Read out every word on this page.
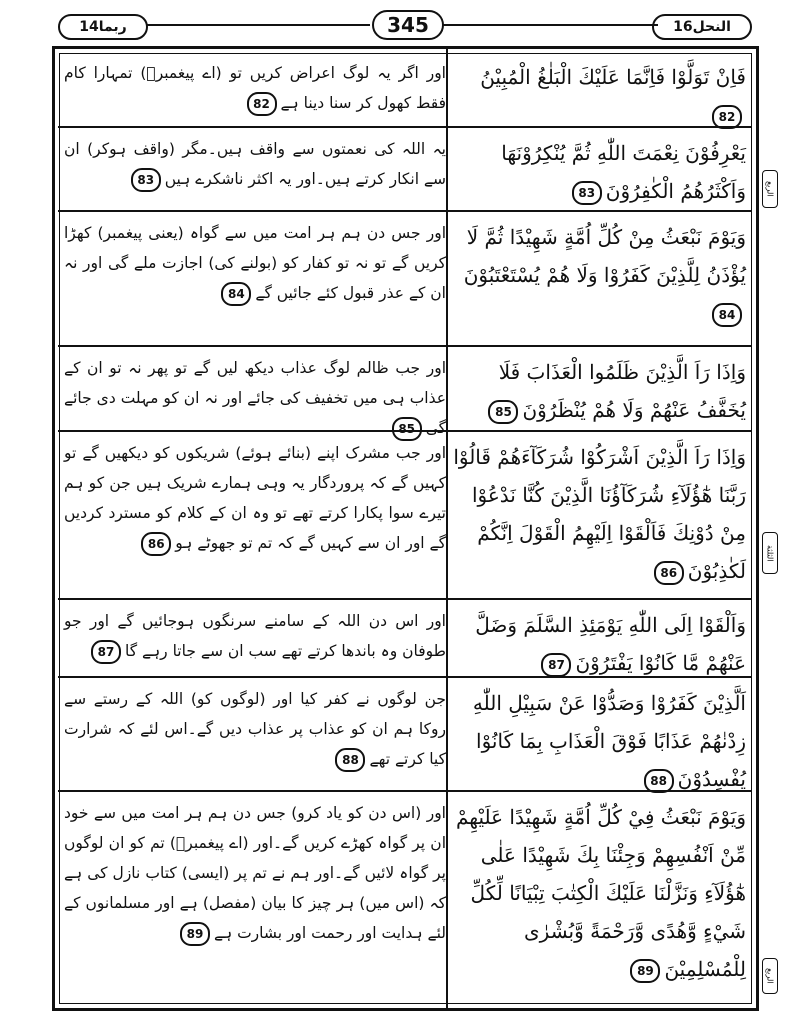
ربما14	345	النحل16
الربع
الثلثة
الربع
اور اگر یہ لوگ اعراض کریں تو (اے پیغمبرؐ) تمہارا کام فقط کھول کر سنا دینا ہے82
فَاِنْ تَوَلَّوْا فَاِنَّمَا عَلَيْكَ الْبَلٰغُ الْمُبِيْنُ82
یہ اللہ کی نعمتوں سے واقف ہیں۔مگر (واقف ہوکر) ان سے انکار کرتے ہیں۔اور یہ اکثر ناشکرے ہیں83
يَعْرِفُوْنَ نِعْمَتَ اللّٰهِ ثُمَّ يُنْكِرُوْنَهَا وَاَكْثَرُهُمُ الْكٰفِرُوْنَ83
اور جس دن ہم ہر امت میں سے گواہ (یعنی پیغمبر) کھڑا کریں گے تو نہ تو کفار کو (بولنے کی) اجازت ملے گی اور نہ ان کے عذر قبول کئے جائیں گے84
وَيَوْمَ نَبْعَثُ مِنْ كُلِّ اُمَّةٍ شَهِيْدًا ثُمَّ لَا يُؤْذَنُ لِلَّذِيْنَ كَفَرُوْا وَلَا هُمْ يُسْتَعْتَبُوْنَ84
اور جب ظالم لوگ عذاب دیکھ لیں گے تو پھر نہ تو ان کے عذاب ہی میں تخفیف کی جائے اور نہ ان کو مہلت دی جائے گی85
وَاِذَا رَاَ الَّذِيْنَ ظَلَمُوا الْعَذَابَ فَلَا يُخَفَّفُ عَنْهُمْ وَلَا هُمْ يُنْظَرُوْنَ85
اور جب مشرک اپنے (بنائے ہوئے) شریکوں کو دیکھیں گے تو کہیں گے کہ پروردگار یہ وہی ہمارے شریک ہیں جن کو ہم تیرے سوا پکارا کرتے تھے تو وہ ان کے کلام کو مسترد کردیں گے اور ان سے کہیں گے کہ تم تو جھوٹے ہو86
وَاِذَا رَاَ الَّذِيْنَ اَشْرَكُوْا شُرَكَآءَهُمْ قَالُوْا رَبَّنَا هٰٓؤُلَآءِ شُرَكَآؤُنَا الَّذِيْنَ كُنَّا نَدْعُوْا مِنْ دُوْنِكَ فَاَلْقَوْا اِلَيْهِمُ الْقَوْلَ اِنَّكُمْ لَكٰذِبُوْنَ86
اور اس دن اللہ کے سامنے سرنگوں ہوجائیں گے اور جو طوفان وہ باندھا کرتے تھے سب ان سے جاتا رہے گا87
وَاَلْقَوْا اِلَى اللّٰهِ يَوْمَئِذِ السَّلَمَ وَضَلَّ عَنْهُمْ مَّا كَانُوْا يَفْتَرُوْنَ87
جن لوگوں نے کفر کیا اور (لوگوں کو) اللہ کے رستے سے روکا ہم ان کو عذاب پر عذاب دیں گے۔اس لئے کہ شرارت کیا کرتے تھے88
اَلَّذِيْنَ كَفَرُوْا وَصَدُّوْا عَنْ سَبِيْلِ اللّٰهِ زِدْنٰهُمْ عَذَابًا فَوْقَ الْعَذَابِ بِمَا كَانُوْا يُفْسِدُوْنَ88
اور (اس دن کو یاد کرو) جس دن ہم ہر امت میں سے خود ان پر گواہ کھڑے کریں گے۔اور (اے پیغمبرؐ) تم کو ان لوگوں پر گواہ لائیں گے۔اور ہم نے تم پر (ایسی) کتاب نازل کی ہے کہ (اس میں) ہر چیز کا بیان (مفصل) ہے اور مسلمانوں کے لئے ہدایت اور رحمت اور بشارت ہے89
وَيَوْمَ نَبْعَثُ فِيْ كُلِّ اُمَّةٍ شَهِيْدًا عَلَيْهِمْ مِّنْ اَنْفُسِهِمْ وَجِئْنَا بِكَ شَهِيْدًا عَلٰى هٰٓؤُلَآءِ وَنَزَّلْنَا عَلَيْكَ الْكِتٰبَ تِبْيَانًا لِّكُلِّ شَيْءٍ وَّهُدًى وَّرَحْمَةً وَّبُشْرٰى لِلْمُسْلِمِيْنَ89
